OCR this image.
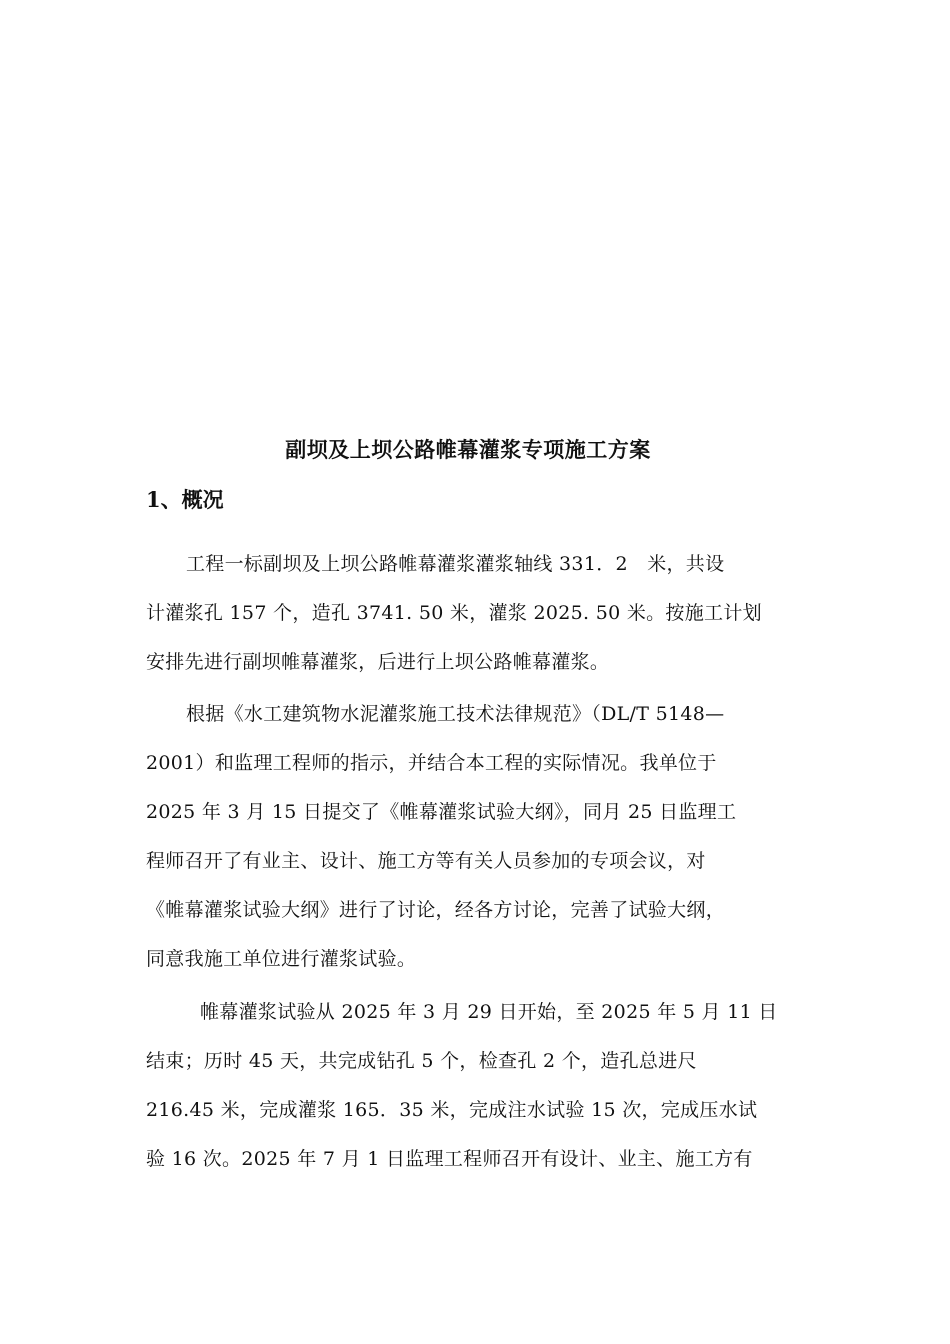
副坝及上坝公路帷幕灌浆专项施工方案
1、概况
工程一标副坝及上坝公路帷幕灌浆灌浆轴线 331．2　米，共设
计灌浆孔 157 个，造孔 3741. 50 米，灌浆 2025. 50 米。按施工计划
安排先进行副坝帷幕灌浆，后进行上坝公路帷幕灌浆。
根据《水工建筑物水泥灌浆施工技术法律规范》（DL/T 5148—
2001）和监理工程师的指示，并结合本工程的实际情况。我单位于
2025 年 3 月 15 日提交了《帷幕灌浆试验大纲》，同月 25 日监理工
程师召开了有业主、设计、施工方等有关人员参加的专项会议，对
《帷幕灌浆试验大纲》进行了讨论，经各方讨论，完善了试验大纲，
同意我施工单位进行灌浆试验。
帷幕灌浆试验从 2025 年 3 月 29 日开始，至 2025 年 5 月 11 日
结束；历时 45 天，共完成钻孔 5 个，检查孔 2 个，造孔总进尺
216.45 米，完成灌浆 165．35 米，完成注水试验 15 次，完成压水试
验 16 次。2025 年 7 月 1 日监理工程师召开有设计、业主、施工方有
